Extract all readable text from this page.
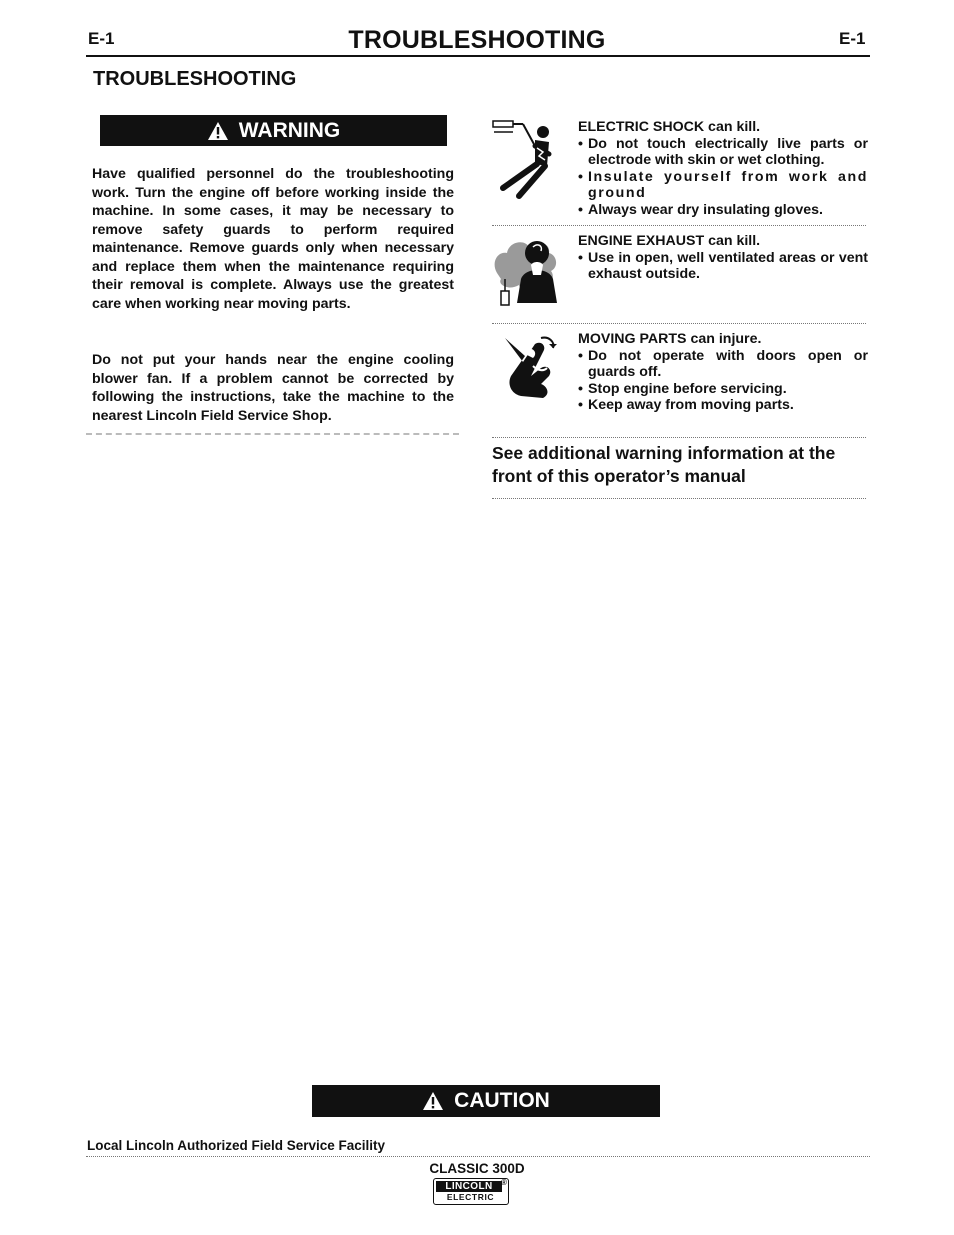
E-1	TROUBLESHOOTING	E-1
TROUBLESHOOTING
WARNING
Have qualified personnel do the troubleshooting work. Turn the engine off before working inside the machine. In some cases, it may be necessary to remove safety guards to perform required maintenance. Remove guards only when necessary and replace them when the maintenance requiring their removal is complete. Always use the greatest care when working near moving parts.
Do not put your hands near the engine cooling blower fan. If a problem cannot be corrected by following the instructions, take the machine to the nearest Lincoln Field Service Shop.
ELECTRIC SHOCK can kill.
• Do not touch electrically live parts or electrode with skin or wet clothing.
• Insulate yourself from work and ground
• Always wear dry insulating gloves.
ENGINE EXHAUST can kill.
• Use in open, well ventilated areas or vent exhaust outside.
MOVING PARTS can injure.
• Do not operate with doors open or guards off.
• Stop engine before servicing.
• Keep away from moving parts.
See additional warning information at the front of this operator’s manual
CAUTION
Local Lincoln Authorized Field Service Facility
CLASSIC 300D
LINCOLN
ELECTRIC
®
